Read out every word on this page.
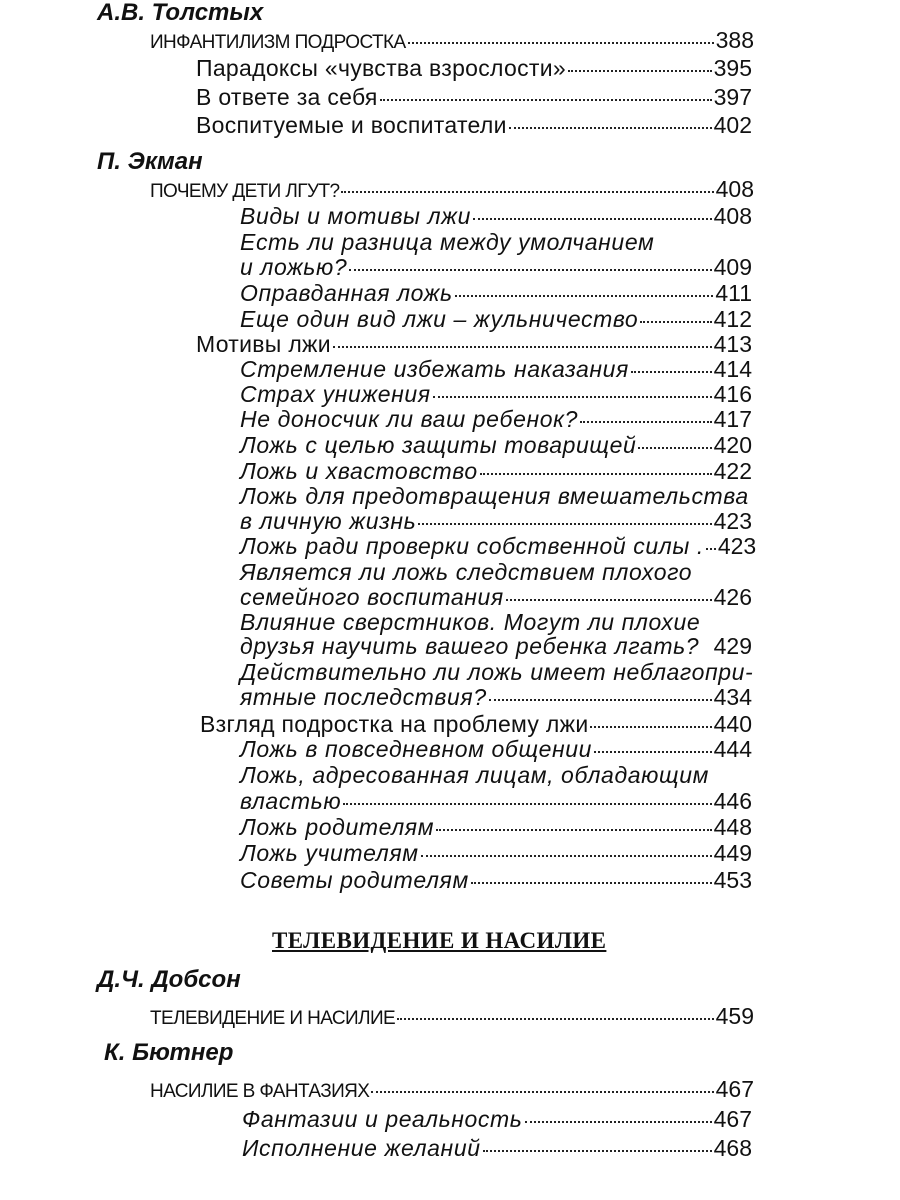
А.В. Толстых
ИНФАНТИЛИЗМ ПОДРОСТКА	388
Парадоксы «чувства взрослости»	395
В ответе за себя	397
Воспитуемые и воспитатели	402
П. Экман
ПОЧЕМУ ДЕТИ ЛГУТ?	408
Виды и мотивы лжи	408
Есть ли разница между умолчанием
и ложью?	409
Оправданная ложь	411
Еще один вид лжи – жульничество	412
Мотивы лжи	413
Стремление избежать наказания	414
Страх унижения	416
Не доносчик ли ваш ребенок?	417
Ложь с целью защиты товарищей	420
Ложь и хвастовство	422
Ложь для предотвращения вмешательства
в личную жизнь	423
Ложь ради проверки собственной силы . 423
Является ли ложь следствием плохого
семейного воспитания	426
Влияние сверстников. Могут ли плохие
друзья научить вашего ребенка лгать? 429
Действительно ли ложь имеет неблагопри-
ятные последствия?	434
Взгляд подростка на проблему лжи	440
Ложь в повседневном общении	444
Ложь, адресованная лицам, обладающим
властью	446
Ложь родителям	448
Ложь учителям	449
Советы родителям	453
ТЕЛЕВИДЕНИЕ И НАСИЛИЕ
Д.Ч. Добсон
ТЕЛЕВИДЕНИЕ И НАСИЛИЕ	459
К. Бютнер
НАСИЛИЕ В ФАНТАЗИЯХ	467
Фантазии и реальность	467
Исполнение желаний	468
